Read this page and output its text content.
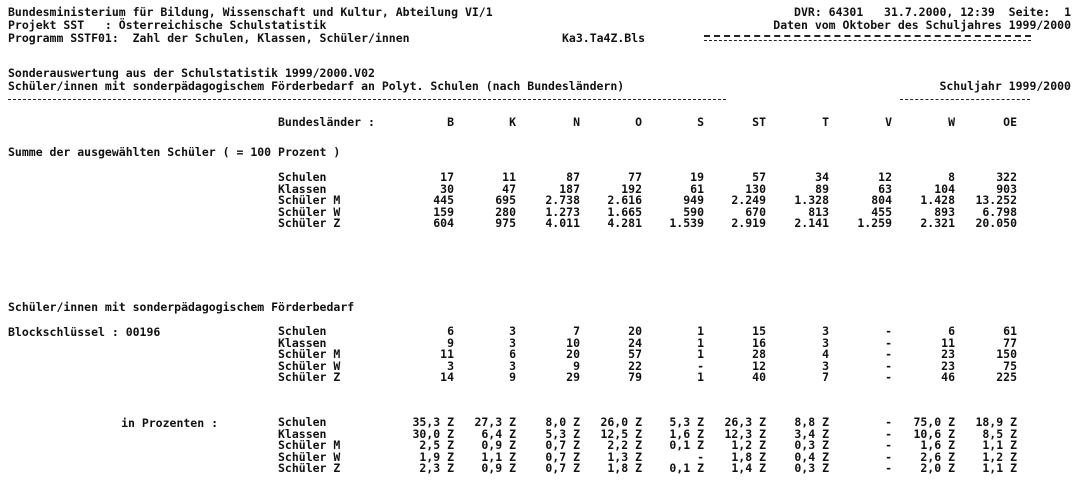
Bundesministerium für Bildung, Wissenschaft und Kultur, Abteilung VI/1
Projekt SST   : Österreichische Schulstatistik
Programm SSTF01:  Zahl der Schulen, Klassen, Schüler/innen	Ka3.Ta4Z.Bls
DVR: 64301   31.7.2000, 12:39  Seite:  1
Daten vom Oktober des Schuljahres 1999/2000
Sonderauswertung aus der Schulstatistik 1999/2000.V02
Schüler/innen mit sonderpädagogischem Förderbedarf an Polyt. Schulen (nach Bundesländern)	Schuljahr 1999/2000
	Bundesländer :	B	K	N	O	S	ST	T	V	W	OE
Summe der ausgewählten Schüler ( = 100 Prozent )
	Schulen	17	11	87	77	19	57	34	12	8	322
	Klassen	30	47	187	192	61	130	89	63	104	903
	Schüler M	445	695	2.738	2.616	949	2.249	1.328	804	1.428	13.252
	Schüler W	159	280	1.273	1.665	590	670	813	455	893	6.798
	Schüler Z	604	975	4.011	4.281	1.539	2.919	2.141	1.259	2.321	20.050
Schüler/innen mit sonderpädagogischem Förderbedarf
Blockschlüssel : 00196
		Schulen	6	3	7	20	1	15	3	-	6	61
	Klassen	9	3	10	24	1	16	3	-	11	77
	Schüler M	11	6	20	57	1	28	4	-	23	150
	Schüler W	3	3	9	22	-	12	3	-	23	75
	Schüler Z	14	9	29	79	1	40	7	-	46	225
in Prozenten :
		Schulen	35,3 Z	27,3 Z	8,0 Z	26,0 Z	5,3 Z	26,3 Z	8,8 Z	-	75,0 Z	18,9 Z
	Klassen	30,0 Z	6,4 Z	5,3 Z	12,5 Z	1,6 Z	12,3 Z	3,4 Z	-	10,6 Z	8,5 Z
	Schüler M	2,5 Z	0,9 Z	0,7 Z	2,2 Z	0,1 Z	1,2 Z	0,3 Z	-	1,6 Z	1,1 Z
	Schüler W	1,9 Z	1,1 Z	0,7 Z	1,3 Z	-	1,8 Z	0,4 Z	-	2,6 Z	1,2 Z
	Schüler Z	2,3 Z	0,9 Z	0,7 Z	1,8 Z	0,1 Z	1,4 Z	0,3 Z	-	2,0 Z	1,1 Z
